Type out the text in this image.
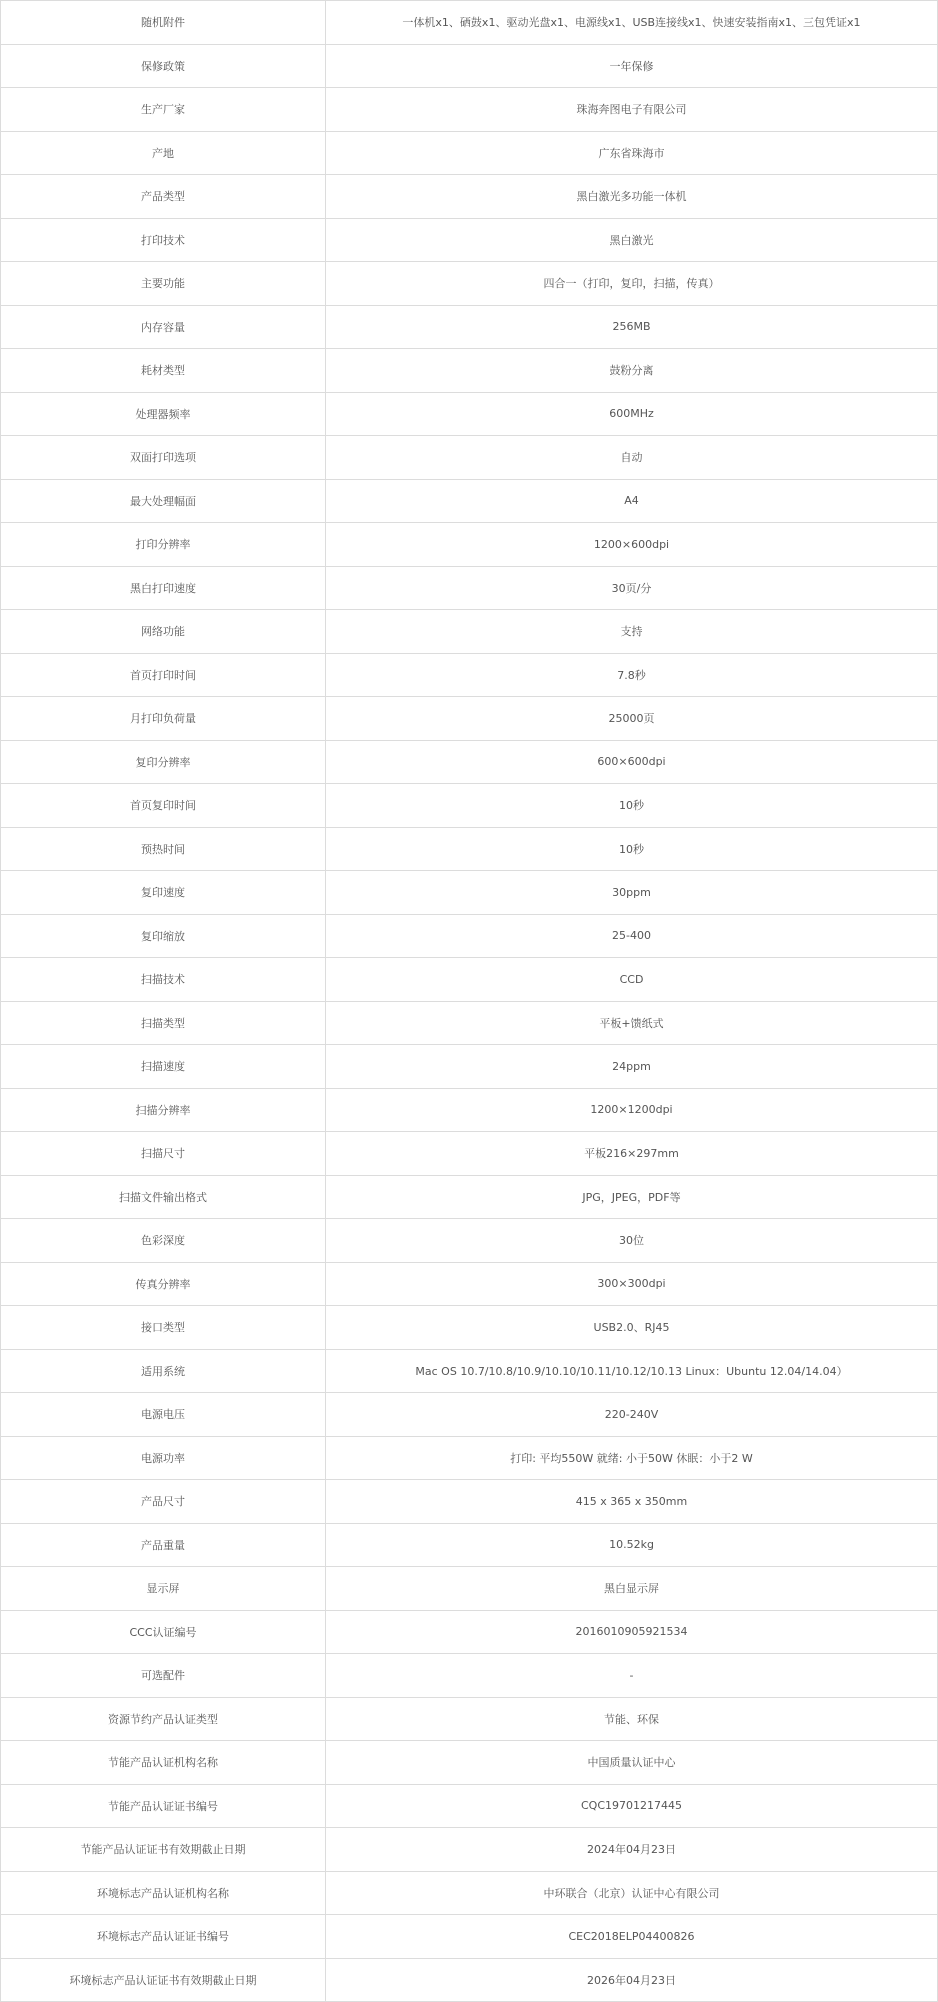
随机附件	一体机x1、硒鼓x1、驱动光盘x1、电源线x1、USB连接线x1、快速安装指南x1、三包凭证x1
保修政策	一年保修
生产厂家	珠海奔图电子有限公司
产地	广东省珠海市
产品类型	黑白激光多功能一体机
打印技术	黑白激光
主要功能	四合一（打印，复印，扫描，传真）
内存容量	256MB
耗材类型	鼓粉分离
处理器频率	600MHz
双面打印选项	自动
最大处理幅面	A4
打印分辨率	1200×600dpi
黑白打印速度	30页/分
网络功能	支持
首页打印时间	7.8秒
月打印负荷量	25000页
复印分辨率	600×600dpi
首页复印时间	10秒
预热时间	10秒
复印速度	30ppm
复印缩放	25-400
扫描技术	CCD
扫描类型	平板+馈纸式
扫描速度	24ppm
扫描分辨率	1200×1200dpi
扫描尺寸	平板216×297mm
扫描文件输出格式	JPG，JPEG，PDF等
色彩深度	30位
传真分辨率	300×300dpi
接口类型	USB2.0、RJ45
适用系统	Mac OS 10.7/10.8/10.9/10.10/10.11/10.12/10.13 Linux：Ubuntu 12.04/14.04）
电源电压	220-240V
电源功率	打印: 平均550W 就绪: 小于50W 休眠：小于2 W
产品尺寸	415 x 365 x 350mm
产品重量	10.52kg
显示屏	黑白显示屏
CCC认证编号	2016010905921534
可选配件	-
资源节约产品认证类型	节能、环保
节能产品认证机构名称	中国质量认证中心
节能产品认证证书编号	CQC19701217445
节能产品认证证书有效期截止日期	2024年04月23日
环境标志产品认证机构名称	中环联合（北京）认证中心有限公司
环境标志产品认证证书编号	CEC2018ELP04400826
环境标志产品认证证书有效期截止日期	2026年04月23日
